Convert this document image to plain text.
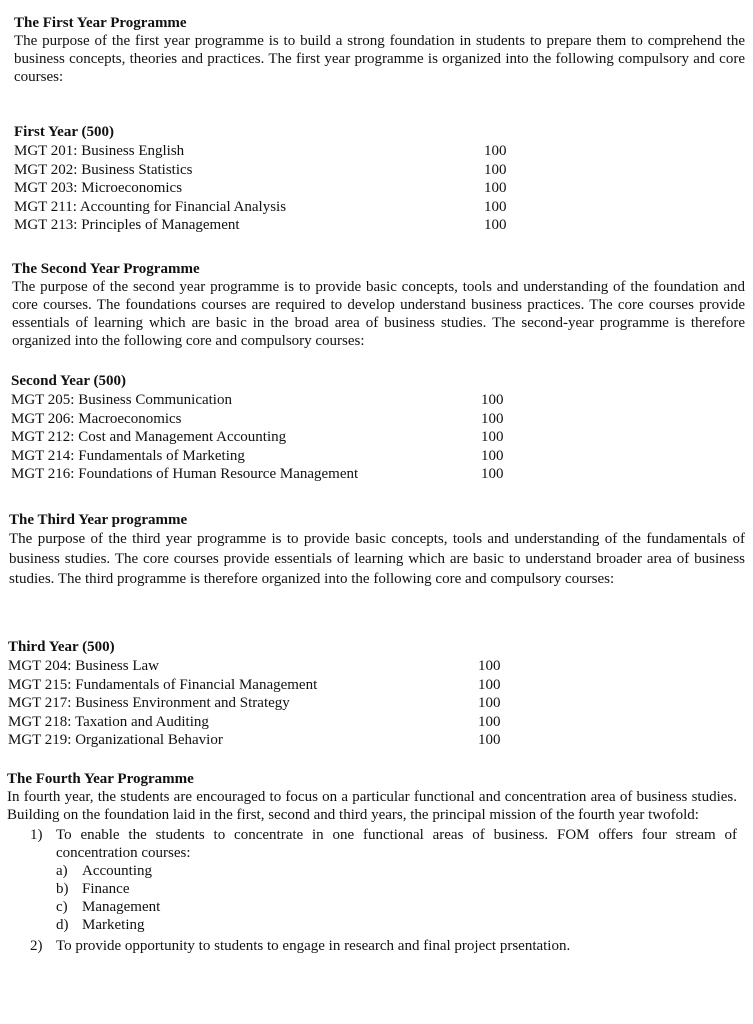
The First Year Programme

The purpose of the first year programme is to build a strong foundation in students to prepare them to comprehend the business concepts, theories and practices. The first year programme is organized into the following compulsory and core courses:

First Year (500)

MGT 201: Business English	100
MGT 202: Business Statistics	100
MGT 203: Microeconomics	100
MGT 211: Accounting for Financial Analysis	100
MGT 213: Principles of Management	100

The Second Year Programme

The purpose of the second year programme is to provide basic concepts, tools and understanding of the foundation and core courses. The foundations courses are required to develop understand business practices. The core courses provide essentials of learning which are basic in the broad area of business studies. The second-year programme is therefore organized into the following core and compulsory courses:

Second Year (500)

MGT 205: Business Communication	100
MGT 206: Macroeconomics	100
MGT 212: Cost and Management Accounting	100
MGT 214: Fundamentals of Marketing	100
MGT 216: Foundations of Human Resource Management	100

The Third Year programme

The purpose of the third year programme is to provide basic concepts, tools and understanding of the fundamentals of business studies. The core courses provide essentials of learning which are basic to understand broader area of business studies. The third programme is therefore organized into the following core and compulsory courses:

Third Year (500)

MGT 204: Business Law	100
MGT 215: Fundamentals of Financial Management	100
MGT 217: Business Environment and Strategy	100
MGT 218: Taxation and Auditing	100
MGT 219: Organizational Behavior	100

The Fourth Year Programme

In fourth year, the students are encouraged to focus on a particular functional and concentration area of business studies. Building on the foundation laid in the first, second and third years, the principal mission of the fourth year twofold:

1) To enable the students to concentrate in one functional areas of business. FOM offers four stream of concentration courses:
a) Accounting
b) Finance
c) Management
d) Marketing
2) To provide opportunity to students to engage in research and final project prsentation.
